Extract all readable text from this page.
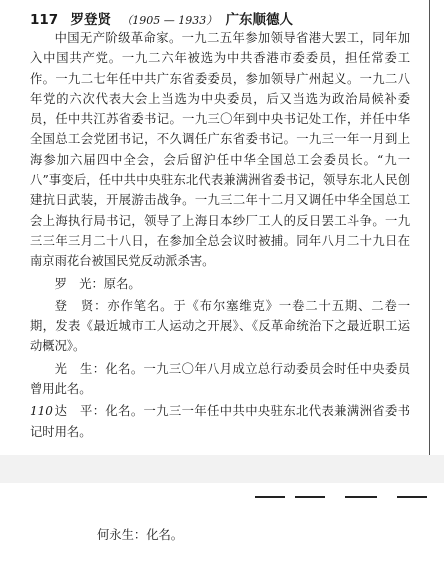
117 罗登贤 （1905 — 1933） 广东顺德人

中国无产阶级革命家。一九二五年参加领导省港大罢工，同年加入中国共产党。一九二六年被选为中共香港市委委员，担任常委工作。一九二七年任中共广东省委委员，参加领导广州起义。一九二八年党的六次代表大会上当选为中央委员，后又当选为政治局候补委员，任中共江苏省委书记。一九三〇年到中央书记处工作，并任中华全国总工会党团书记，不久调任广东省委书记。一九三一年一月到上海参加六届四中全会，会后留沪任中华全国总工会委员长。“九一八”事变后，任中共中央驻东北代表兼满洲省委书记，领导东北人民创建抗日武装，开展游击战争。一九三二年十二月又调任中华全国总工会上海执行局书记，领导了上海日本纱厂工人的反日罢工斗争。一九三三年三月二十八日，在参加全总会议时被捕。同年八月二十九日在南京雨花台被国民党反动派杀害。

罗　光：原名。

登　贤：亦作笔名。于《布尔塞维克》一卷二十五期、二卷一期，发表《最近城市工人运动之开展》、《反革命统治下之最近职工运动概况》。

光　生：化名。一九三〇年八月成立总行动委员会时任中央委员曾用此名。

达　平：化名。一九三一年任中共中央驻东北代表兼满洲省委书记时用名。

110
何永生：化名。
